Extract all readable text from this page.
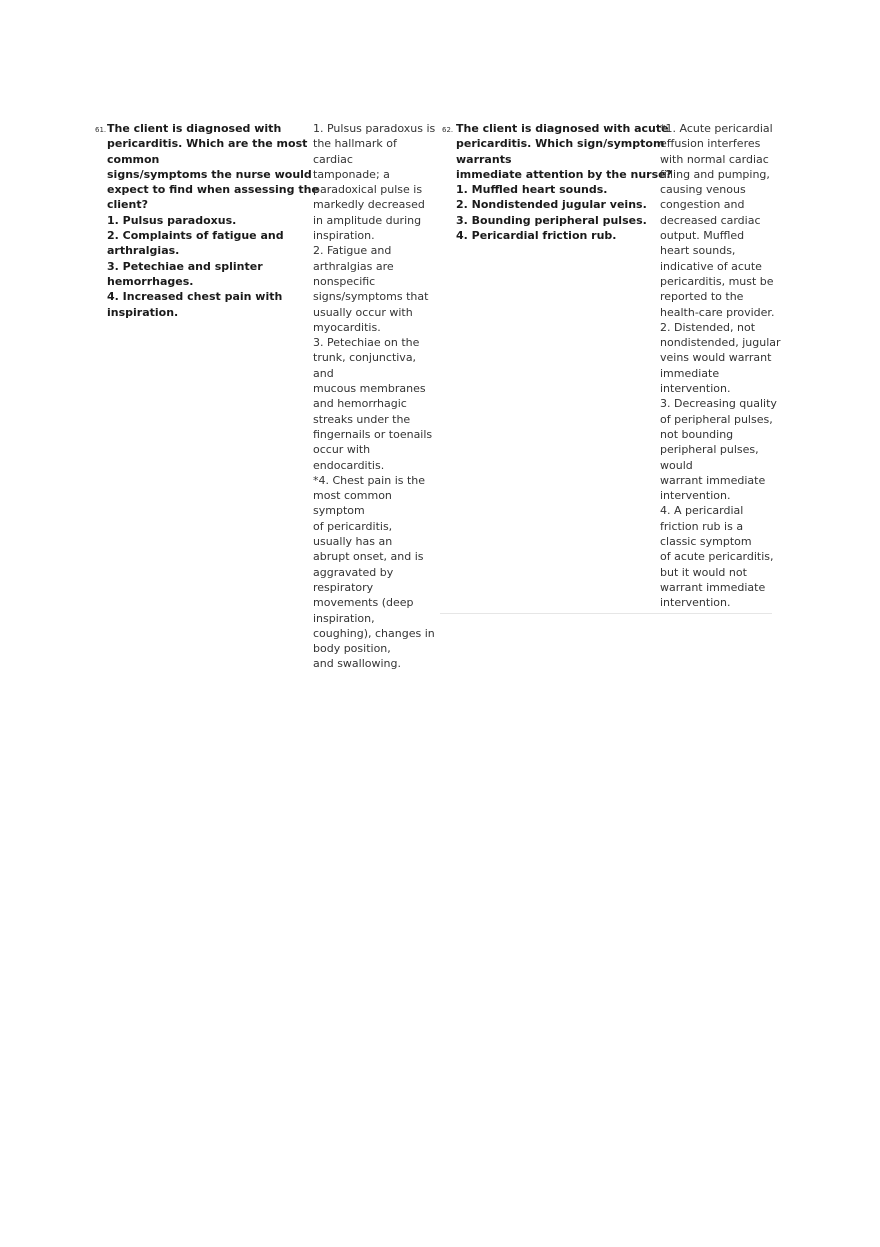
61. The client is diagnosed with
pericarditis. Which are the most
common
signs/symptoms the nurse would
expect to find when assessing the
client?
1. Pulsus paradoxus.
2. Complaints of fatigue and
arthralgias.
3. Petechiae and splinter
hemorrhages.
4. Increased chest pain with
inspiration.
1. Pulsus paradoxus is
the hallmark of
cardiac
tamponade; a
paradoxical pulse is
markedly decreased
in amplitude during
inspiration.
2. Fatigue and
arthralgias are
nonspecific
signs/symptoms that
usually occur with
myocarditis.
3. Petechiae on the
trunk, conjunctiva,
and
mucous membranes
and hemorrhagic
streaks under the
fingernails or toenails
occur with
endocarditis.
*4. Chest pain is the
most common
symptom
of pericarditis,
usually has an
abrupt onset, and is
aggravated by
respiratory
movements (deep
inspiration,
coughing), changes in
body position,
and swallowing.
62. The client is diagnosed with acute
pericarditis. Which sign/symptom
warrants
immediate attention by the nurse?
1. Muffled heart sounds.
2. Nondistended jugular veins.
3. Bounding peripheral pulses.
4. Pericardial friction rub.
*1. Acute pericardial
effusion interferes
with normal cardiac
filling and pumping,
causing venous
congestion and
decreased cardiac
output. Muffled
heart sounds,
indicative of acute
pericarditis, must be
reported to the
health-care provider.
2. Distended, not
nondistended, jugular
veins would warrant
immediate
intervention.
3. Decreasing quality
of peripheral pulses,
not bounding
peripheral pulses,
would
warrant immediate
intervention.
4. A pericardial
friction rub is a
classic symptom
of acute pericarditis,
but it would not
warrant immediate
intervention.
